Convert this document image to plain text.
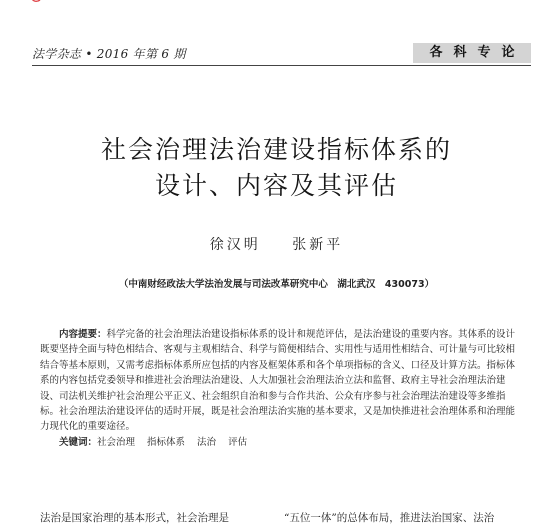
法学杂志 • 2016 年第 6 期	各科专论
社会治理法治建设指标体系的
设计、内容及其评估
徐汉明 张新平
（中南财经政法大学法治发展与司法改革研究中心　湖北武汉　430073）

内容提要：科学完备的社会治理法治建设指标体系的设计和规范评估，是法治建设的重要内容。其体系的设计既要坚持全面与特色相结合、客观与主观相结合、科学与简便相结合、实用性与适用性相结合、可计量与可比较相结合等基本原则，又需考虑指标体系所应包括的内容及框架体系和各个单项指标的含义、口径及计算方法。指标体系的内容包括党委领导和推进社会治理法治建设、人大加强社会治理法治立法和监督、政府主导社会治理法治建设、司法机关维护社会治理公平正义、社会组织自治和参与合作共治、公众有序参与社会治理法治建设等多维指标。社会治理法治建设评估的适时开展，既是社会治理法治实施的基本要求，又是加快推进社会治理体系和治理能力现代化的重要途径。

关键词：社会治理 指标体系 法治 评估

法治是国家治理的基本形式，社会治理是	“五位一体”的总体布局，推进法治国家、法治
